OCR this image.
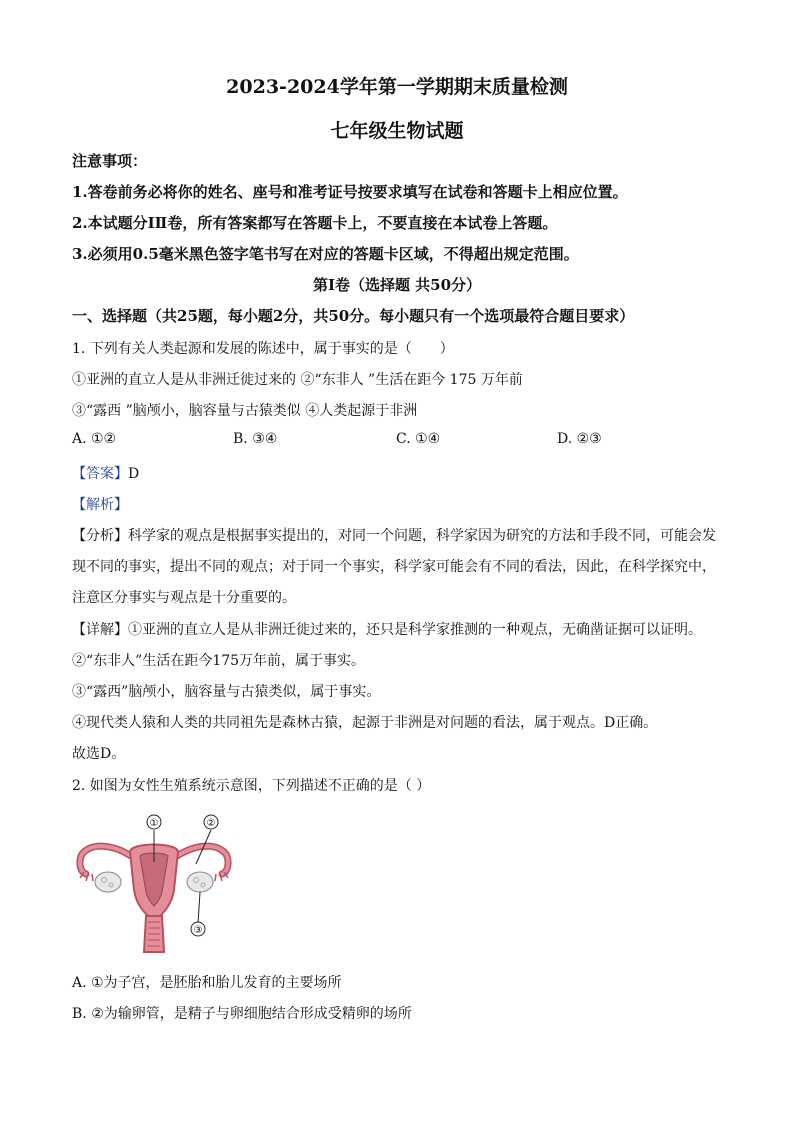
2023-2024学年第一学期期末质量检测
七年级生物试题
注意事项：
1.答卷前务必将你的姓名、座号和准考证号按要求填写在试卷和答题卡上相应位置。
2.本试题分ⅠⅡ卷，所有答案都写在答题卡上，不要直接在本试卷上答题。
3.必须用0.5毫米黑色签字笔书写在对应的答题卡区域，不得超出规定范围。
第Ⅰ卷（选择题 共50分）
一、选择题（共25题，每小题2分，共50分。每小题只有一个选项最符合题目要求）
1. 下列有关人类起源和发展的陈述中，属于事实的是（　　）
①亚洲的直立人是从非洲迁徙过来的 ②“东非人 ”生活在距今 175 万年前
③“露西 ”脑颅小，脑容量与古猿类似 ④人类起源于非洲
A. ①②	B. ③④	C. ①④	D. ②③
【答案】D
【解析】
【分析】科学家的观点是根据事实提出的，对同一个问题，科学家因为研究的方法和手段不同，可能会发
现不同的事实，提出不同的观点；对于同一个事实，科学家可能会有不同的看法，因此，在科学探究中，
注意区分事实与观点是十分重要的。
【详解】①亚洲的直立人是从非洲迁徙过来的，还只是科学家推测的一种观点，无确凿证据可以证明。
②“东非人”生活在距今175万年前，属于事实。
③“露西”脑颅小，脑容量与古猿类似，属于事实。
④现代类人猿和人类的共同祖先是森林古猿，起源于非洲是对问题的看法，属于观点。D正确。
故选D。
2. 如图为女性生殖系统示意图，下列描述不正确的是（ ）
①	②
③
A. ①为子宫，是胚胎和胎儿发育的主要场所
B. ②为输卵管，是精子与卵细胞结合形成受精卵的场所
